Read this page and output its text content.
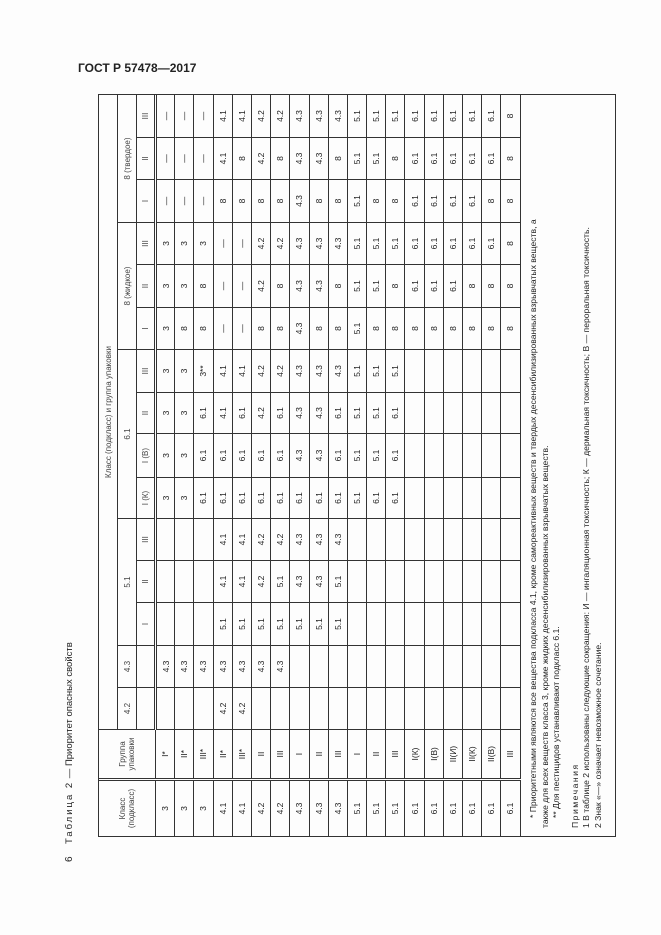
ГОСТ Р 57478—2017
6
Таблица 2 — Приоритет опасных свойств
Класс (подкласс)	Группа упаковки	Класс (подкласс) и группа упаковки														
		4.2	4.3	5.1			6.1				8 (жидкое)			8 (твердое)		
				I	II	III	I (К)	I (В)	II	III	I	II	III	I	II	III
3	I*		4.3				3	3	3	3	3	3	3	—	—	—
3	II*		4.3				3	3	3	3	8	3	3	—	—	—
3	III*		4.3				6.1	6.1	6.1	3**	8	8	3	—	—	—
4.1	II*	4.2	4.3	5.1	4.1	4.1	6.1	6.1	4.1	4.1	—	—	—	8	4.1	4.1
4.1	III*	4.2	4.3	5.1	4.1	4.1	6.1	6.1	6.1	4.1	—	—	—	8	8	4.1
4.2	II		4.3	5.1	4.2	4.2	6.1	6.1	4.2	4.2	8	4.2	4.2	8	4.2	4.2
4.2	III		4.3	5.1	5.1	4.2	6.1	6.1	6.1	4.2	8	8	4.2	8	8	4.2
4.3	I			5.1	4.3	4.3	6.1	4.3	4.3	4.3	4.3	4.3	4.3	4.3	4.3	4.3
4.3	II			5.1	4.3	4.3	6.1	4.3	4.3	4.3	8	4.3	4.3	8	4.3	4.3
4.3	III			5.1	5.1	4.3	6.1	6.1	6.1	4.3	8	8	4.3	8	8	4.3
5.1	I						5.1	5.1	5.1	5.1	5.1	5.1	5.1	5.1	5.1	5.1
5.1	II						6.1	5.1	5.1	5.1	8	5.1	5.1	8	5.1	5.1
5.1	III						6.1	6.1	6.1	5.1	8	8	5.1	8	8	5.1
6.1	I(К)										8	6.1	6.1	6.1	6.1	6.1
6.1	I(В)										8	6.1	6.1	6.1	6.1	6.1
6.1	II(И)										8	6.1	6.1	6.1	6.1	6.1
6.1	II(К)										8	8	6.1	6.1	6.1	6.1
6.1	II(В)										8	8	6.1	8	6.1	6.1
6.1	III										8	8	8	8	8	8

* Приоритетными являются все вещества подкласса 4.1, кроме самореактивных веществ и твердых десенсибилизированных взрывчатых веществ, а также для всех веществ класса 3, кроме жидких десенсибилизированных взрывчатых веществ. ** Для пестицидов устанавливают подкласс 6.1. Примечания 1 В таблице 2 использованы следующие сокращения: И — ингаляционная токсичность; К — дермальная токсичность; В — пероральная токсичность. 2 Знак «—» означает невозможное сочетание.
